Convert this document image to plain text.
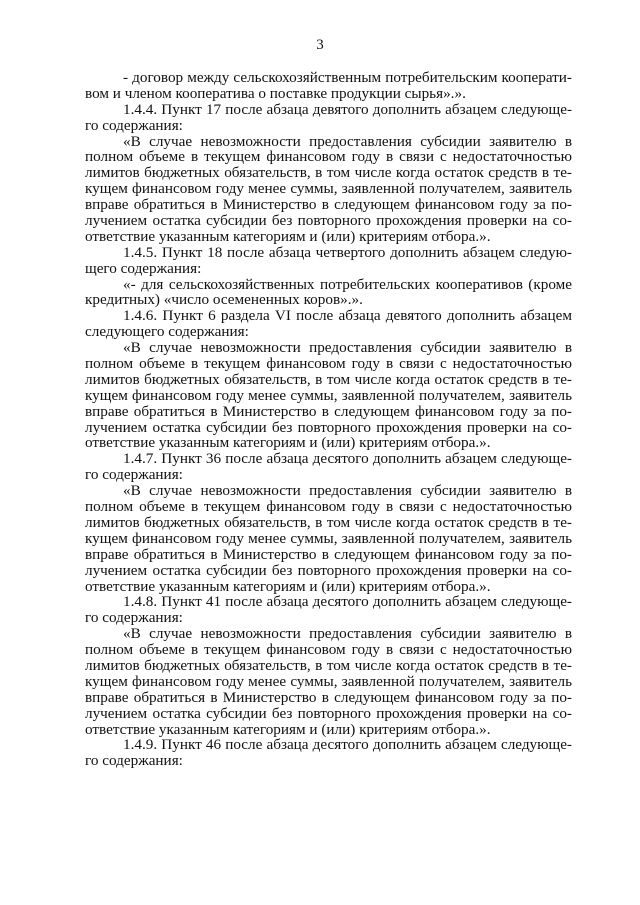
3
- договор между сельскохозяйственным потребительским кооперати-
вом и членом кооператива о поставке продукции сырья».».
1.4.4. Пункт 17 после абзаца девятого дополнить абзацем следующе-
го содержания:
«В случае невозможности предоставления субсидии заявителю в
полном объеме в текущем финансовом году в связи с недостаточностью
лимитов бюджетных обязательств, в том числе когда остаток средств в те-
кущем финансовом году менее суммы, заявленной получателем, заявитель
вправе обратиться в Министерство в следующем финансовом году за по-
лучением остатка субсидии без повторного прохождения проверки на со-
ответствие указанным категориям и (или) критериям отбора.».
1.4.5. Пункт 18 после абзаца четвертого дополнить абзацем следую-
щего содержания:
«- для сельскохозяйственных потребительских кооперативов (кроме
кредитных) «число осемененных коров».».
1.4.6. Пункт 6 раздела VI после абзаца девятого дополнить абзацем
следующего содержания:
«В случае невозможности предоставления субсидии заявителю в
полном объеме в текущем финансовом году в связи с недостаточностью
лимитов бюджетных обязательств, в том числе когда остаток средств в те-
кущем финансовом году менее суммы, заявленной получателем, заявитель
вправе обратиться в Министерство в следующем финансовом году за по-
лучением остатка субсидии без повторного прохождения проверки на со-
ответствие указанным категориям и (или) критериям отбора.».
1.4.7. Пункт 36 после абзаца десятого дополнить абзацем следующе-
го содержания:
«В случае невозможности предоставления субсидии заявителю в
полном объеме в текущем финансовом году в связи с недостаточностью
лимитов бюджетных обязательств, в том числе когда остаток средств в те-
кущем финансовом году менее суммы, заявленной получателем, заявитель
вправе обратиться в Министерство в следующем финансовом году за по-
лучением остатка субсидии без повторного прохождения проверки на со-
ответствие указанным категориям и (или) критериям отбора.».
1.4.8. Пункт 41 после абзаца десятого дополнить абзацем следующе-
го содержания:
«В случае невозможности предоставления субсидии заявителю в
полном объеме в текущем финансовом году в связи с недостаточностью
лимитов бюджетных обязательств, в том числе когда остаток средств в те-
кущем финансовом году менее суммы, заявленной получателем, заявитель
вправе обратиться в Министерство в следующем финансовом году за по-
лучением остатка субсидии без повторного прохождения проверки на со-
ответствие указанным категориям и (или) критериям отбора.».
1.4.9. Пункт 46 после абзаца десятого дополнить абзацем следующе-
го содержания:
